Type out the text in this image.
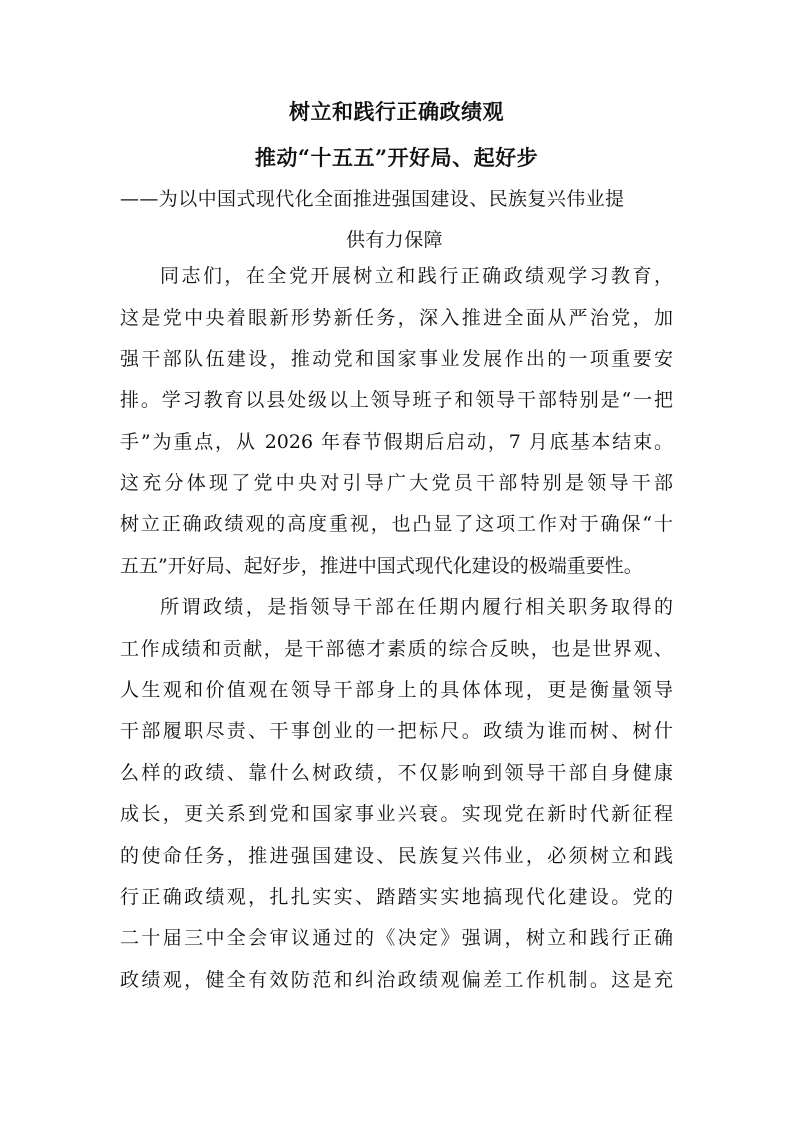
树立和践行正确政绩观
推动“十五五”开好局、起好步
——为以中国式现代化全面推进强国建设、民族复兴伟业提
供有力保障
同志们，在全党开展树立和践行正确政绩观学习教育，
这是党中央着眼新形势新任务，深入推进全面从严治党，加
强干部队伍建设，推动党和国家事业发展作出的一项重要安
排。学习教育以县处级以上领导班子和领导干部特别是“一把
手”为重点，从 2026 年春节假期后启动，7 月底基本结束。
这充分体现了党中央对引导广大党员干部特别是领导干部
树立正确政绩观的高度重视，也凸显了这项工作对于确保“十
五五”开好局、起好步，推进中国式现代化建设的极端重要性。
所谓政绩，是指领导干部在任期内履行相关职务取得的
工作成绩和贡献，是干部德才素质的综合反映，也是世界观、
人生观和价值观在领导干部身上的具体体现，更是衡量领导
干部履职尽责、干事创业的一把标尺。政绩为谁而树、树什
么样的政绩、靠什么树政绩，不仅影响到领导干部自身健康
成长，更关系到党和国家事业兴衰。实现党在新时代新征程
的使命任务，推进强国建设、民族复兴伟业，必须树立和践
行正确政绩观，扎扎实实、踏踏实实地搞现代化建设。党的
二十届三中全会审议通过的《决定》强调，树立和践行正确
政绩观，健全有效防范和纠治政绩观偏差工作机制。这是充
